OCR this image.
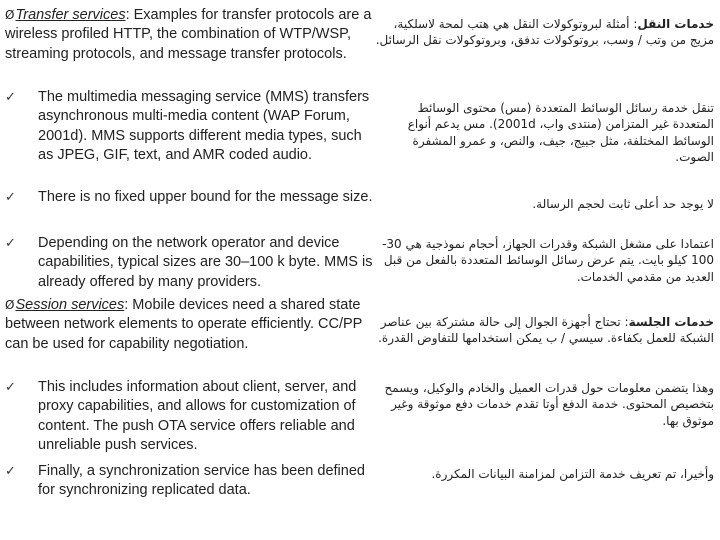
ØTransfer services: Examples for transfer protocols are a wireless profiled HTTP, the combination of WTP/WSP, streaming protocols, and message transfer protocols.
✓	The multimedia messaging service (MMS) transfers asynchronous multi-media content (WAP Forum, 2001d). MMS supports different media types, such as JPEG, GIF, text, and AMR coded audio.
✓	There is no fixed upper bound for the message size.
✓	Depending on the network operator and device capabilities, typical sizes are 30–100 k byte. MMS is already offered by many providers.
ØSession services: Mobile devices need a shared state between network elements to operate efficiently. CC/PP can be used for capability negotiation.
✓	This includes information about client, server, and proxy capabilities, and allows for customization of content. The push OTA service offers reliable and unreliable push services.
✓	Finally, a synchronization service has been defined for synchronizing replicated data.
خدمات النقل: أمثلة لبروتوكولات النقل هي هتب لمحة لاسلكية، مزيج من وتب / وسب، بروتوكولات تدفق، وبروتوكولات نقل الرسائل.
تنقل خدمة رسائل الوسائط المتعددة (مس) محتوى الوسائط المتعددة غير المتزامن (منتدى واب، 2001d). مس يدعم أنواع الوسائط المختلفة، مثل جبيج، جيف، والنص، و عمرو المشفرة الصوت.
لا يوجد حد أعلى ثابت لحجم الرسالة.
اعتمادا على مشغل الشبكة وقدرات الجهاز، أحجام نموذجية هي 30-100 كيلو بايت. يتم عرض رسائل الوسائط المتعددة بالفعل من قبل العديد من مقدمي الخدمات.
خدمات الجلسة: تحتاج أجهزة الجوال إلى حالة مشتركة بين عناصر الشبكة للعمل بكفاءة. سيسي / ب يمكن استخدامها للتفاوض القدرة.
وهذا يتضمن معلومات حول قدرات العميل والخادم والوكيل، ويسمح بتخصيص المحتوى. خدمة الدفع أوتا تقدم خدمات دفع موثوقة وغير موثوق بها.
وأخيرا، تم تعريف خدمة التزامن لمزامنة البيانات المكررة.
